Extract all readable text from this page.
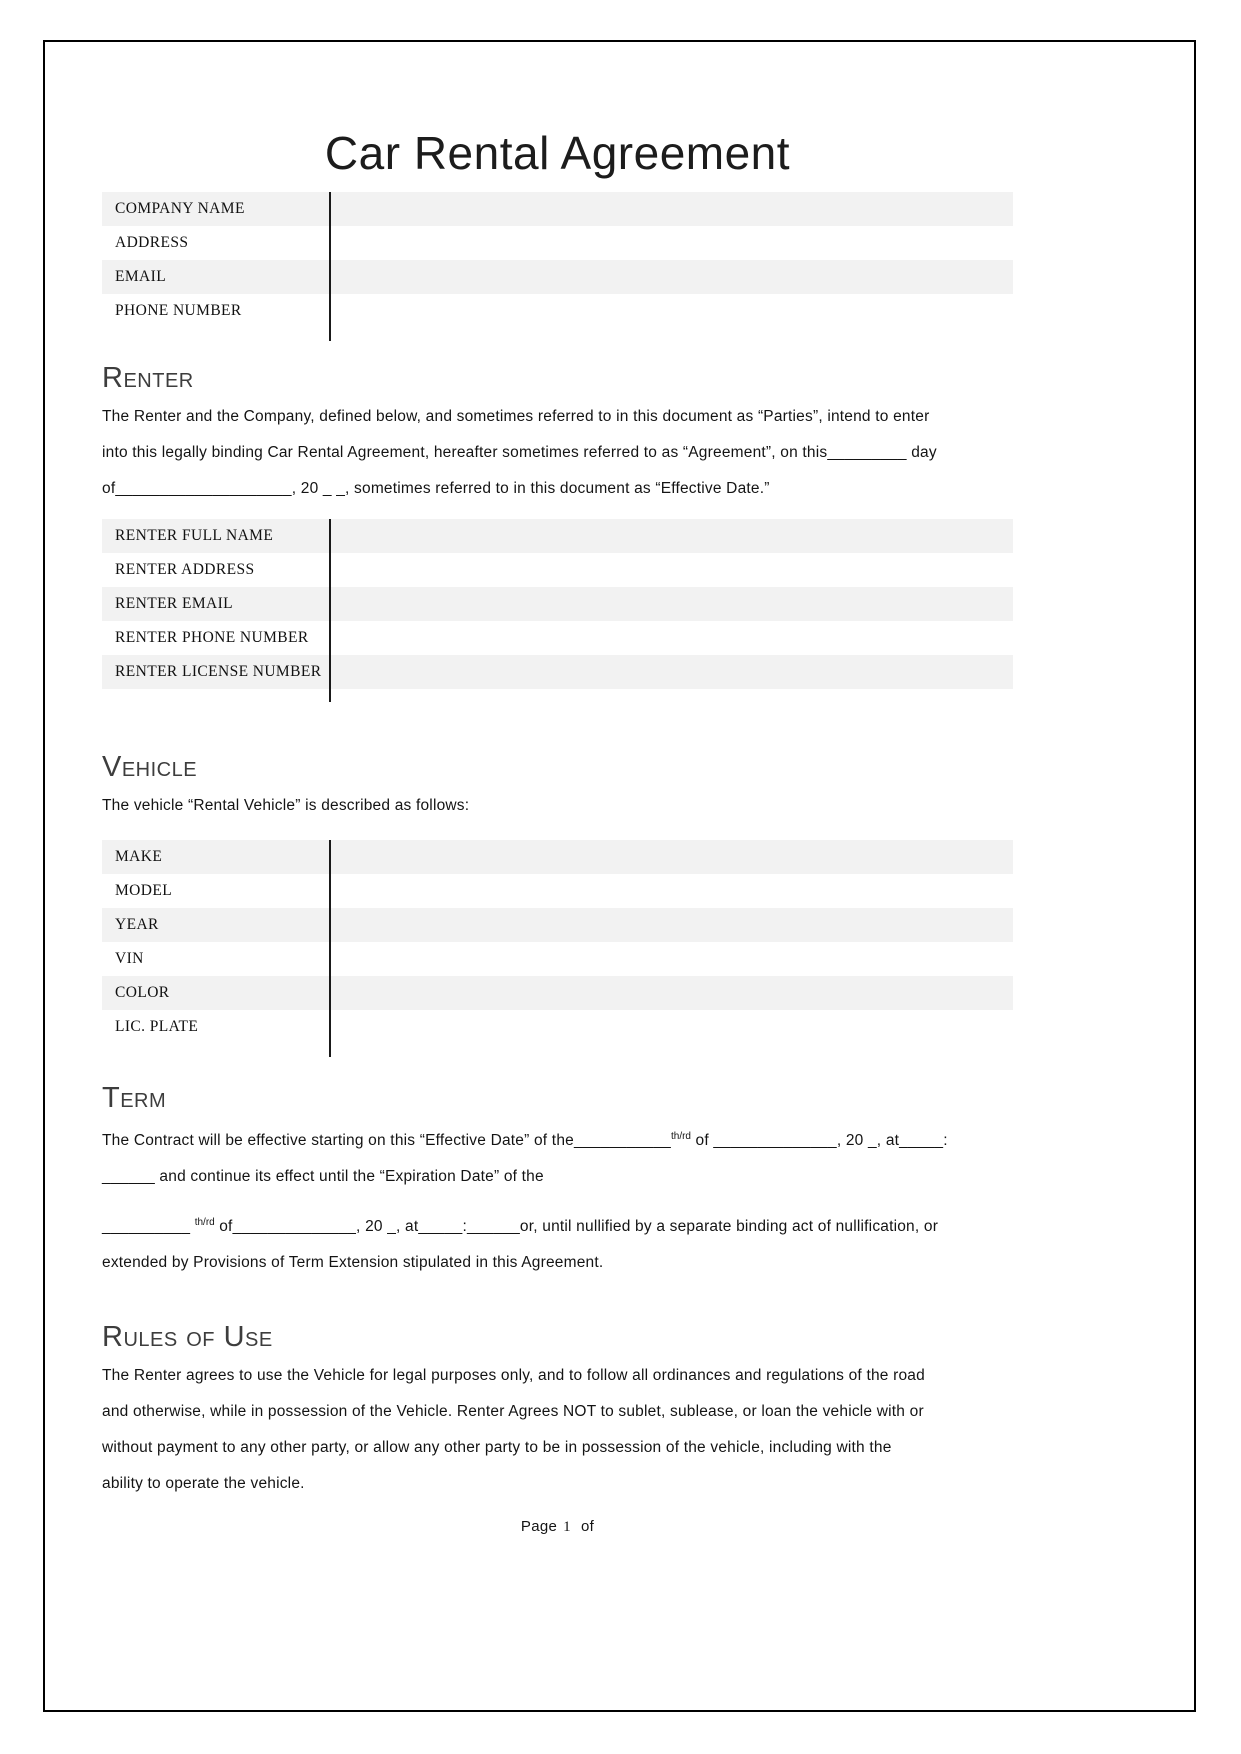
Car Rental Agreement
COMPANY NAME
ADDRESS
EMAIL
PHONE NUMBER
Renter
The Renter and the Company, defined below, and sometimes referred to in this document as “Parties”, intend to enter
into this legally binding Car Rental Agreement, hereafter sometimes referred to as “Agreement”, on this_________ day
of____________________, 20 _ _, sometimes referred to in this document as “Effective Date.”
RENTER FULL NAME
RENTER ADDRESS
RENTER EMAIL
RENTER PHONE NUMBER
RENTER LICENSE NUMBER
Vehicle
The vehicle “Rental Vehicle” is described as follows:
MAKE
MODEL
YEAR
VIN
COLOR
LIC. PLATE
Term
The Contract will be effective starting on this “Effective Date” of the___________$^{th/rd}$ of ______________, 20 _, at_____:
______ and continue its effect until the “Expiration Date” of the
__________ $^{th/rd}$ of______________, 20 _, at_____:______or, until nullified by a separate binding act of nullification, or
extended by Provisions of Term Extension stipulated in this Agreement.
Rules of Use
The Renter agrees to use the Vehicle for legal purposes only, and to follow all ordinances and regulations of the road
and otherwise, while in possession of the Vehicle. Renter Agrees NOT to sublet, sublease, or loan the vehicle with or
without payment to any other party, or allow any other party to be in possession of the vehicle, including with the
ability to operate the vehicle.
Page 1 of
